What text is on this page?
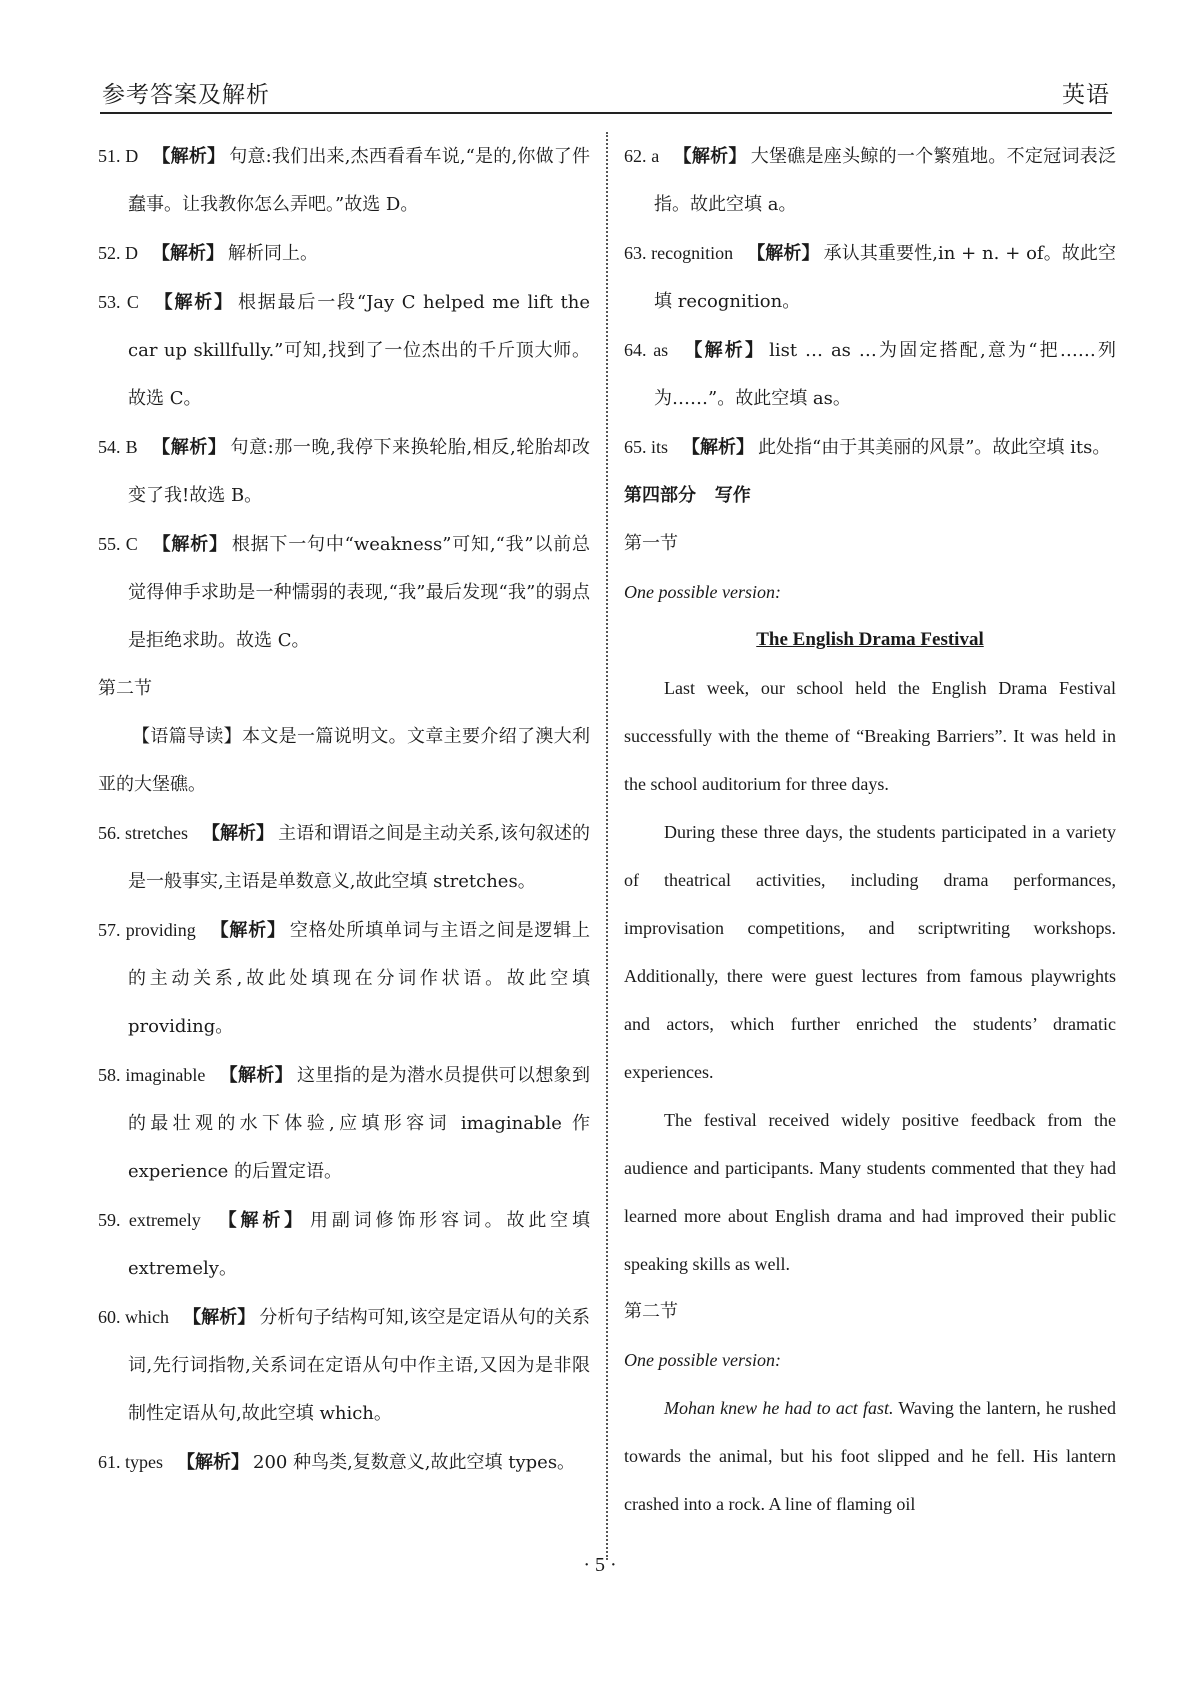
参考答案及解析	英语

51. D 【解析】 句意:我们出来,杰西看看车说,“是的,你做了件蠢事。让我教你怎么弄吧。”故选 D。

52. D 【解析】 解析同上。

53. C 【解析】 根据最后一段“Jay C helped me lift the car up skillfully.”可知,找到了一位杰出的千斤顶大师。故选 C。

54. B 【解析】 句意:那一晚,我停下来换轮胎,相反,轮胎却改变了我!故选 B。

55. C 【解析】 根据下一句中“weakness”可知,“我”以前总觉得伸手求助是一种懦弱的表现,“我”最后发现“我”的弱点是拒绝求助。故选 C。

第二节

【语篇导读】本文是一篇说明文。文章主要介绍了澳大利亚的大堡礁。

56. stretches 【解析】 主语和谓语之间是主动关系,该句叙述的是一般事实,主语是单数意义,故此空填 stretches。

57. providing 【解析】 空格处所填单词与主语之间是逻辑上的主动关系,故此处填现在分词作状语。故此空填 providing。

58. imaginable 【解析】 这里指的是为潜水员提供可以想象到的最壮观的水下体验,应填形容词 imaginable 作 experience 的后置定语。

59. extremely 【解析】 用副词修饰形容词。故此空填 extremely。

60. which 【解析】 分析句子结构可知,该空是定语从句的关系词,先行词指物,关系词在定语从句中作主语,又因为是非限制性定语从句,故此空填 which。

61. types 【解析】 200 种鸟类,复数意义,故此空填 types。

62. a 【解析】 大堡礁是座头鲸的一个繁殖地。不定冠词表泛指。故此空填 a。

63. recognition 【解析】 承认其重要性,in + n. + of。故此空填 recognition。

64. as 【解析】 list … as …为固定搭配,意为“把……列为……”。故此空填 as。

65. its 【解析】 此处指“由于其美丽的风景”。故此空填 its。

第四部分   写作

第一节

One possible version:

The English Drama Festival

Last week, our school held the English Drama Festival successfully with the theme of “Breaking Barriers”. It was held in the school auditorium for three days.

During these three days, the students participated in a variety of theatrical activities, including drama performances, improvisation competitions, and scriptwriting workshops. Additionally, there were guest lectures from famous playwrights and actors, which further enriched the students’ dramatic experiences.

The festival received widely positive feedback from the audience and participants. Many students commented that they had learned more about English drama and had improved their public speaking skills as well.

第二节

One possible version:

Mohan knew he had to act fast. Waving the lantern, he rushed towards the animal, but his foot slipped and he fell. His lantern crashed into a rock. A line of flaming oil

· 5 ·
